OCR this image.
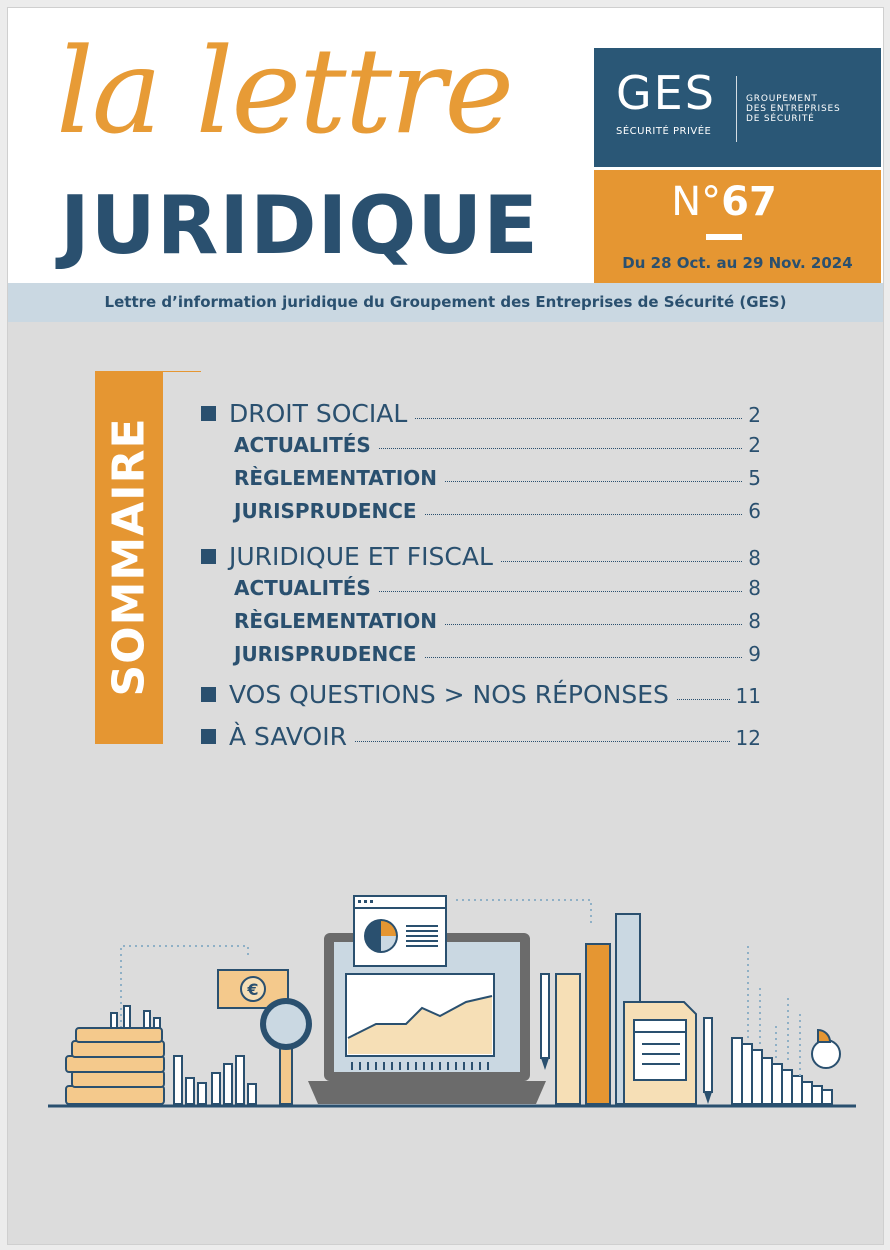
la lettre
JURIDIQUE
GES
SÉCURITÉ PRIVÉE
GROUPEMENT
DES ENTREPRISES
DE SÉCURITÉ
N°67
Du 28 Oct. au 29 Nov. 2024
Lettre d’information juridique du Groupement des Entreprises de Sécurité (GES)
SOMMAIRE
DROIT SOCIAL	2
ACTUALITÉS	2
RÈGLEMENTATION	5
JURISPRUDENCE	6
JURIDIQUE ET FISCAL	8
ACTUALITÉS	8
RÈGLEMENTATION	8
JURISPRUDENCE	9
VOS QUESTIONS > NOS RÉPONSES	11
À SAVOIR	12
€
